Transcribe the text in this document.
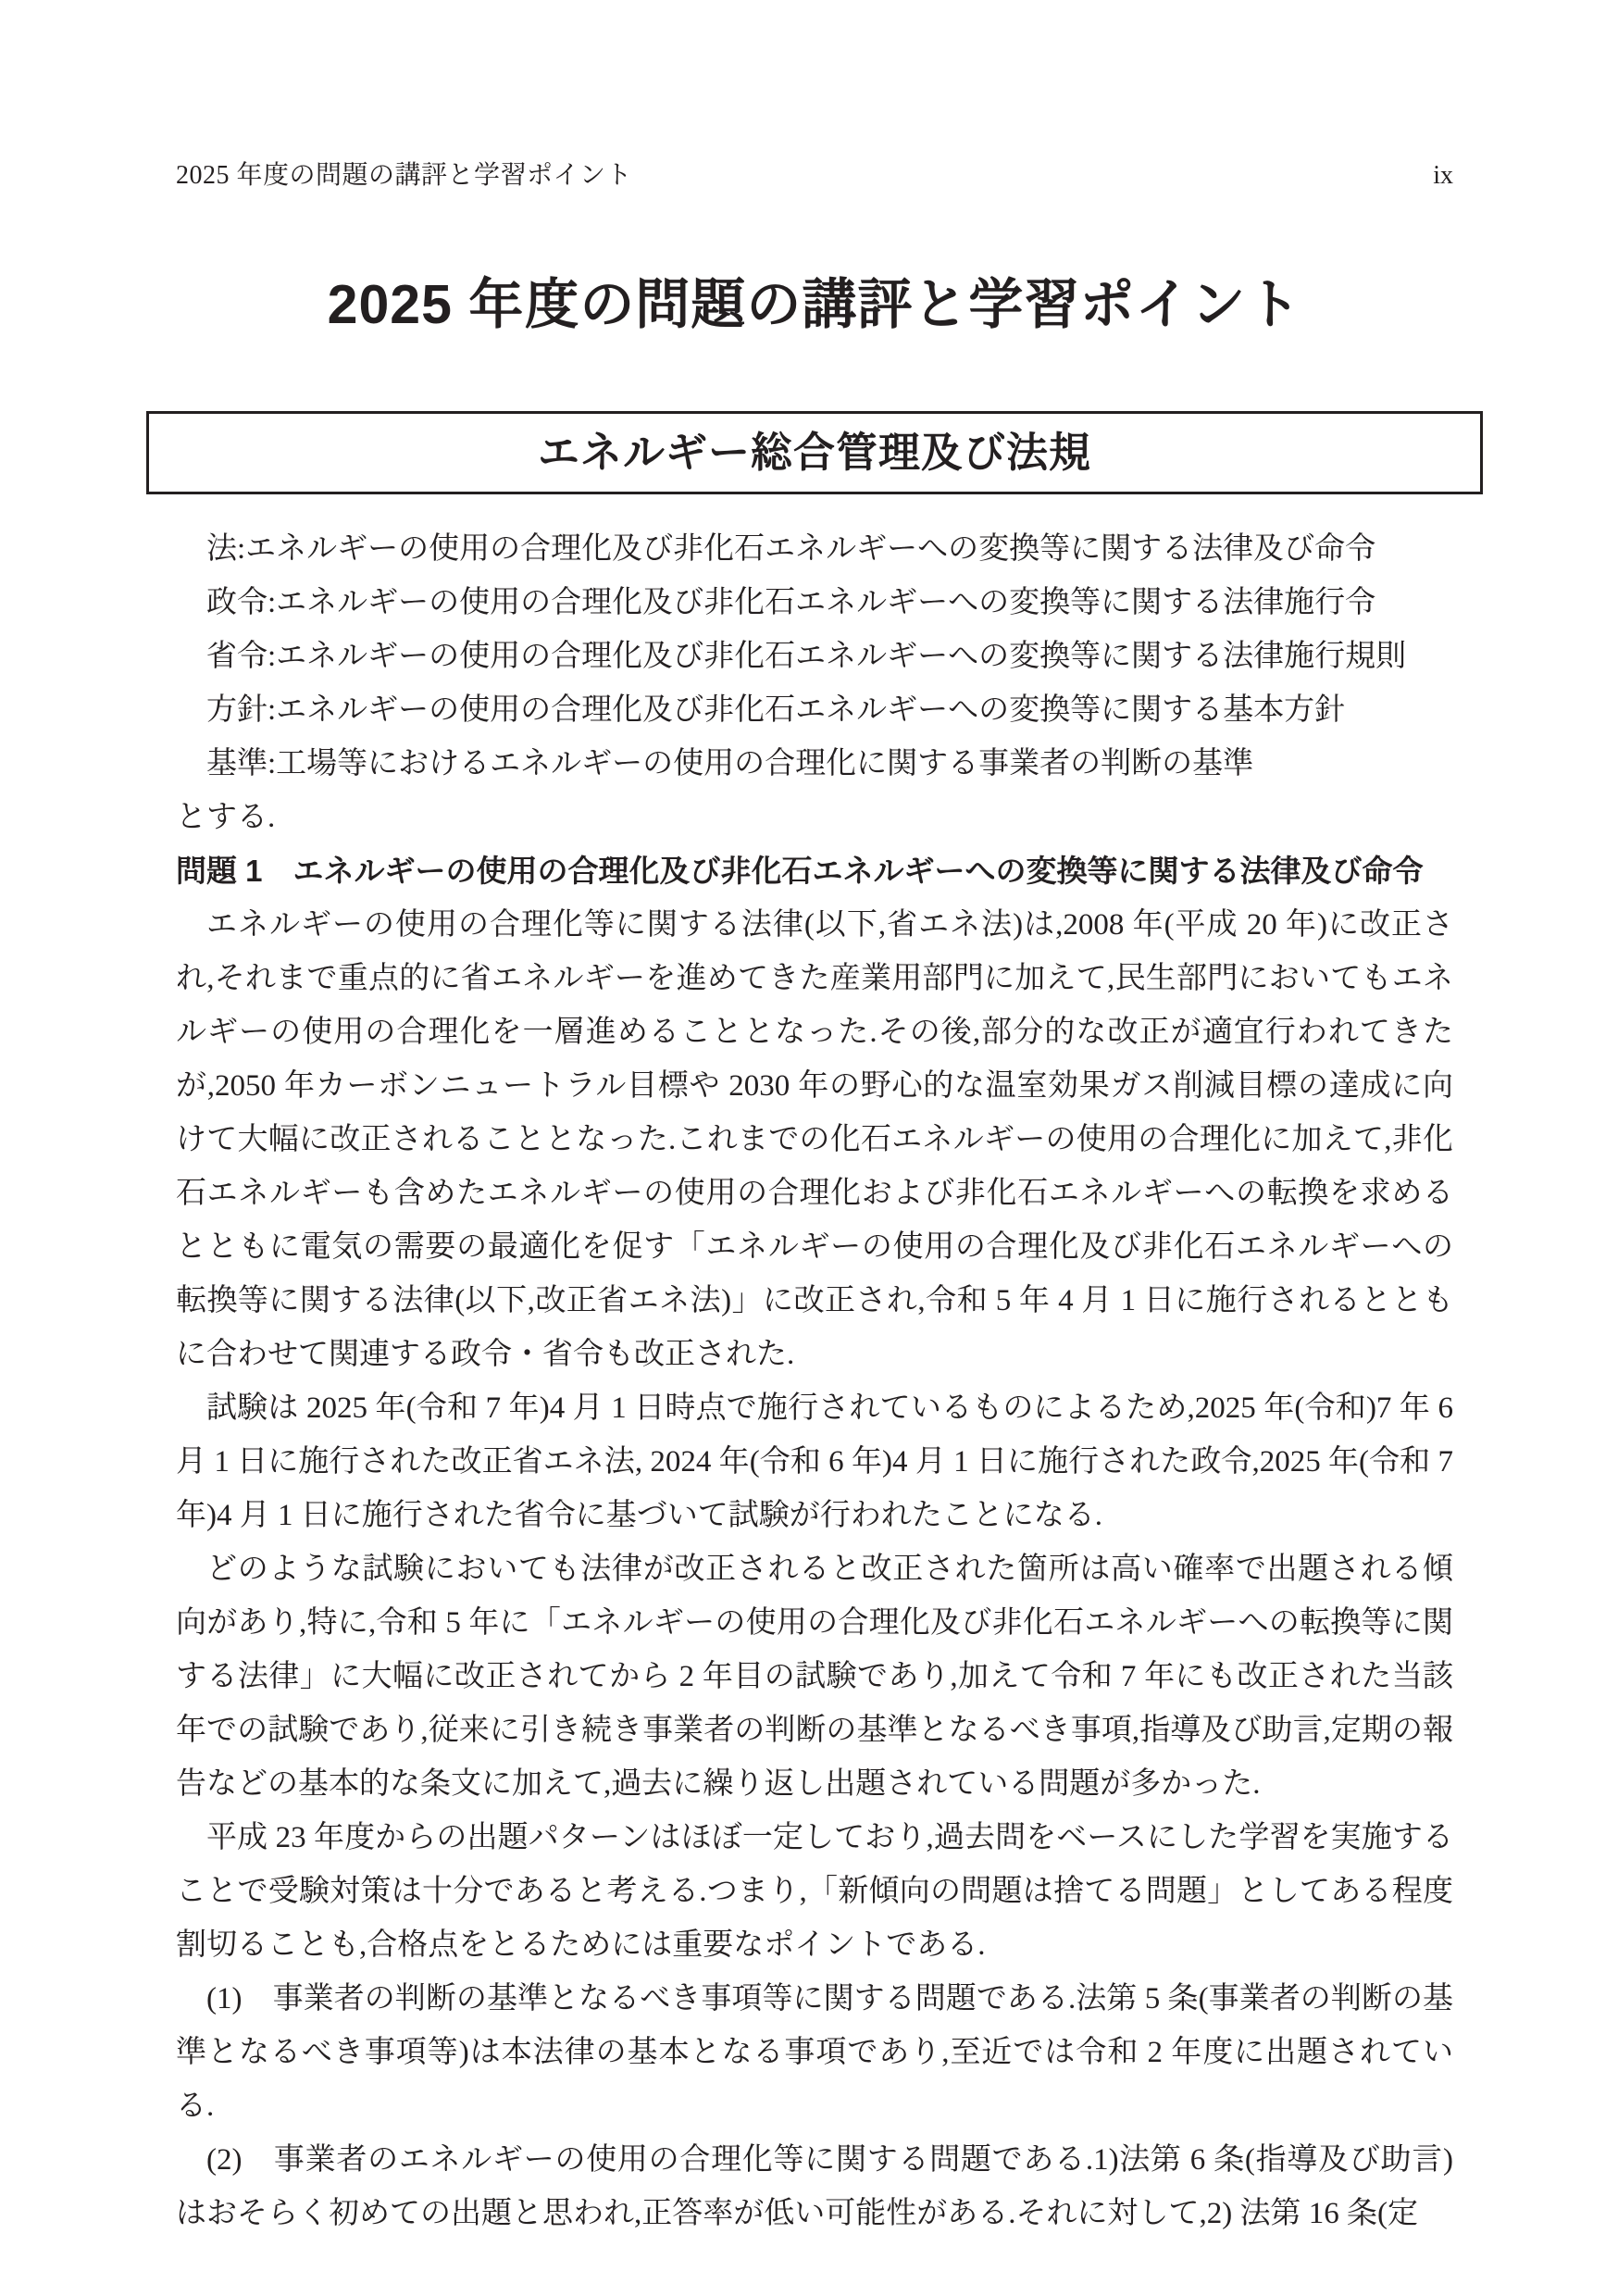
2025 年度の問題の講評と学習ポイント	ix
2025 年度の問題の講評と学習ポイント
エネルギー総合管理及び法規

法:エネルギーの使用の合理化及び非化石エネルギーへの変換等に関する法律及び命令

政令:エネルギーの使用の合理化及び非化石エネルギーへの変換等に関する法律施行令

省令:エネルギーの使用の合理化及び非化石エネルギーへの変換等に関する法律施行規則

方針:エネルギーの使用の合理化及び非化石エネルギーへの変換等に関する基本方針

基準:工場等におけるエネルギーの使用の合理化に関する事業者の判断の基準

とする.

問題 1　エネルギーの使用の合理化及び非化石エネルギーへの変換等に関する法律及び命令

エネルギーの使用の合理化等に関する法律(以下,省エネ法)は,2008 年(平成 20 年)に改正され,それまで重点的に省エネルギーを進めてきた産業用部門に加えて,民生部門においてもエネルギーの使用の合理化を一層進めることとなった.その後,部分的な改正が適宜行われてきたが,2050 年カーボンニュートラル目標や 2030 年の野心的な温室効果ガス削減目標の達成に向けて大幅に改正されることとなった.これまでの化石エネルギーの使用の合理化に加えて,非化石エネルギーも含めたエネルギーの使用の合理化および非化石エネルギーへの転換を求めるとともに電気の需要の最適化を促す「エネルギーの使用の合理化及び非化石エネルギーへの転換等に関する法律(以下,改正省エネ法)」に改正され,令和 5 年 4 月 1 日に施行されるとともに合わせて関連する政令・省令も改正された.

試験は 2025 年(令和 7 年)4 月 1 日時点で施行されているものによるため,2025 年(令和)7 年 6 月 1 日に施行された改正省エネ法, 2024 年(令和 6 年)4 月 1 日に施行された政令,2025 年(令和 7 年)4 月 1 日に施行された省令に基づいて試験が行われたことになる.

どのような試験においても法律が改正されると改正された箇所は高い確率で出題される傾向があり,特に,令和 5 年に「エネルギーの使用の合理化及び非化石エネルギーへの転換等に関する法律」に大幅に改正されてから 2 年目の試験であり,加えて令和 7 年にも改正された当該年での試験であり,従来に引き続き事業者の判断の基準となるべき事項,指導及び助言,定期の報告などの基本的な条文に加えて,過去に繰り返し出題されている問題が多かった.

平成 23 年度からの出題パターンはほぼ一定しており,過去問をベースにした学習を実施することで受験対策は十分であると考える.つまり,「新傾向の問題は捨てる問題」としてある程度割切ることも,合格点をとるためには重要なポイントである.

(1)　事業者の判断の基準となるべき事項等に関する問題である.法第 5 条(事業者の判断の基準となるべき事項等)は本法律の基本となる事項であり,至近では令和 2 年度に出題されている.

(2)　事業者のエネルギーの使用の合理化等に関する問題である.1)法第 6 条(指導及び助言)はおそらく初めての出題と思われ,正答率が低い可能性がある.それに対して,2) 法第 16 条(定
